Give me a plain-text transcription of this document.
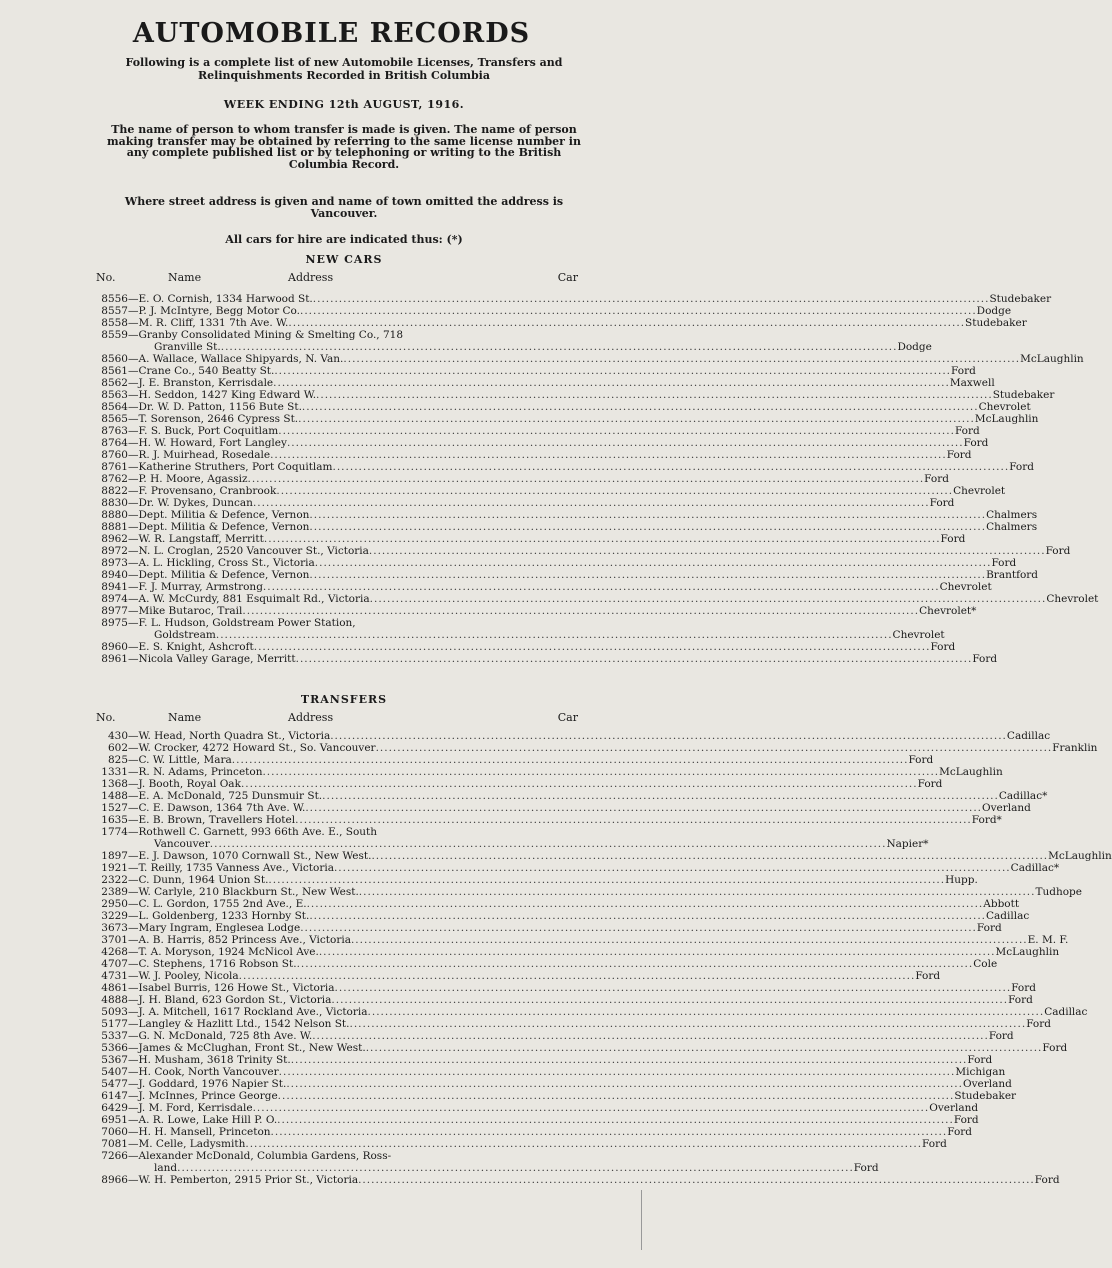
AUTOMOBILE RECORDS
Following is a complete list of new Automobile Licenses, Transfers and Relinquishments Recorded in British Columbia
WEEK ENDING 12th AUGUST, 1916.
The name of person to whom transfer is made is given. The name of person making transfer may be obtained by referring to the same license number in any complete published list or by telephoning or writing to the British Columbia Record.
Where street address is given and name of town omitted the address is Vancouver.
All cars for hire are indicated thus: (*)
NEW CARS
No.	Name	Address	Car
8556 —E. O. Cornish, 1334 Harwood St. .....	Studebaker
8557 —P. J. McIntyre, Begg Motor Co. .....	Dodge
8558 —M. R. Cliff, 1331 7th Ave. W. .....	Studebaker
8559 —Granby Consolidated Mining & Smelting Co., 718
Granville St. .....	Dodge
8560 —A. Wallace, Wallace Shipyards, N. Van. .....	McLaughlin
8561 —Crane Co., 540 Beatty St. .....	Ford
8562 —J. E. Branston, Kerrisdale .....	Maxwell
8563 —H. Seddon, 1427 King Edward W. .....	Studebaker
8564 —Dr. W. D. Patton, 1156 Bute St. .....	Chevrolet
8565 —T. Sorenson, 2646 Cypress St. .....	McLaughlin
8763 —F. S. Buck, Port Coquitlam .....	Ford
8764 —H. W. Howard, Fort Langley .....	Ford
8760 —R. J. Muirhead, Rosedale .....	Ford
8761 —Katherine Struthers, Port Coquitlam .....	Ford
8762 —P. H. Moore, Agassiz .....	Ford
8822 —F. Provensano, Cranbrook .....	Chevrolet
8830 —Dr. W. Dykes, Duncan .....	Ford
8880 —Dept. Militia & Defence, Vernon .....	Chalmers
8881 —Dept. Militia & Defence, Vernon .....	Chalmers
8962 —W. R. Langstaff, Merritt .....	Ford
8972 —N. L. Croglan, 2520 Vancouver St., Victoria .....	Ford
8973 —A. L. Hickling, Cross St., Victoria .....	Ford
8940 —Dept. Militia & Defence, Vernon .....	Brantford
8941 —F. J. Murray, Armstrong .....	Chevrolet
8974 —A. W. McCurdy, 881 Esquimalt Rd., Victoria .....	Chevrolet
8977 —Mike Butaroc, Trail .....	Chevrolet*
8975 —F. L. Hudson, Goldstream Power Station,
Goldstream .....	Chevrolet
8960 —E. S. Knight, Ashcroft .....	Ford
8961 —Nicola Valley Garage, Merritt .....	Ford
TRANSFERS
No.	Name	Address	Car
430 —W. Head, North Quadra St., Victoria .....	Cadillac
602 —W. Crocker, 4272 Howard St., So. Vancouver .....	Franklin
825 —C. W. Little, Mara .....	Ford
1331 —R. N. Adams, Princeton .....	McLaughlin
1368 —J. Booth, Royal Oak .....	Ford
1488 —E. A. McDonald, 725 Dunsmuir St. .....	Cadillac*
1527 —C. E. Dawson, 1364 7th Ave. W. .....	Overland
1635 —E. B. Brown, Travellers Hotel .....	Ford*
1774 —Rothwell C. Garnett, 993 66th Ave. E., South
Vancouver .....	Napier*
1897 —E. J. Dawson, 1070 Cornwall St., New West. .....	McLaughlin
1921 —T. Reilly, 1735 Vanness Ave., Victoria .....	Cadillac*
2322 —C. Dunn, 1964 Union St. .....	Hupp.
2389 —W. Carlyle, 210 Blackburn St., New West. .....	Tudhope
2950 —C. L. Gordon, 1755 2nd Ave., E. .....	Abbott
3229 —L. Goldenberg, 1233 Hornby St. .....	Cadillac
3673 —Mary Ingram, Englesea Lodge .....	Ford
3701 —A. B. Harris, 852 Princess Ave., Victoria .....	E. M. F.
4268 —T. A. Moryson, 1924 McNicol Ave. .....	McLaughlin
4707 —C. Stephens, 1716 Robson St. .....	Cole
4731 —W. J. Pooley, Nicola .....	Ford
4861 —Isabel Burris, 126 Howe St., Victoria .....	Ford
4888 —J. H. Bland, 623 Gordon St., Victoria .....	Ford
5093 —J. A. Mitchell, 1617 Rockland Ave., Victoria .....	Cadillac
5177 —Langley & Hazlitt Ltd., 1542 Nelson St. .....	Ford
5337 —G. N. McDonald, 725 8th Ave. W. .....	Ford
5366 —James & McClughan, Front St., New West. .....	Ford
5367 —H. Musham, 3618 Trinity St. .....	Ford
5407 —H. Cook, North Vancouver .....	Michigan
5477 —J. Goddard, 1976 Napier St. .....	Overland
6147 —J. McInnes, Prince George .....	Studebaker
6429 —J. M. Ford, Kerrisdale .....	Overland
6951 —A. R. Lowe, Lake Hill P. O. .....	Ford
7060 —H. H. Mansell, Princeton .....	Ford
7081 —M. Celle, Ladysmith .....	Ford
7266 —Alexander McDonald, Columbia Gardens, Ross-
land .....	Ford
8966 —W. H. Pemberton, 2915 Prior St., Victoria .....	Ford
